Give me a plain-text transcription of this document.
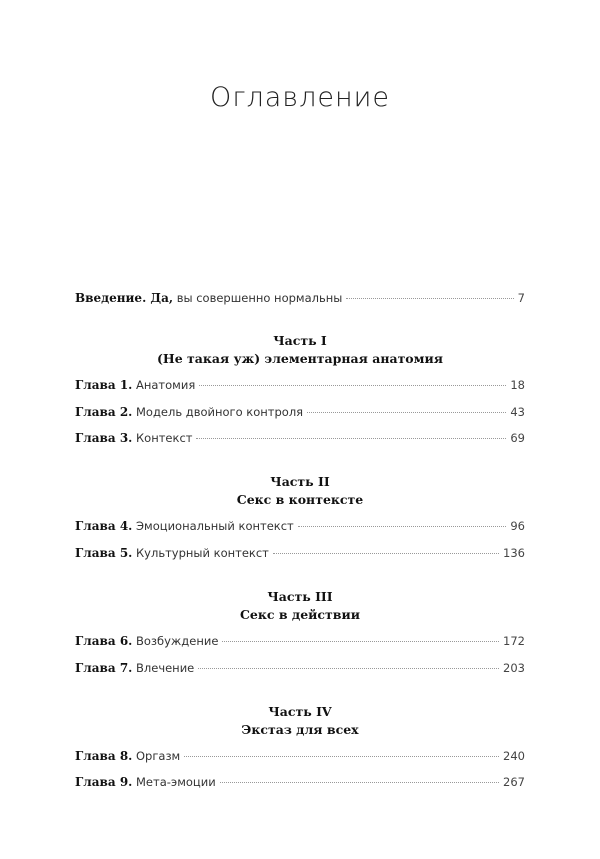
Оглавление
Введение. Да, вы совершенно нормальны	7
Часть I
(Не такая уж) элементарная анатомия
Глава 1. Анатомия	18
Глава 2. Модель двойного контроля	43
Глава 3. Контекст	69
Часть II
Секс в контексте
Глава 4. Эмоциональный контекст	96
Глава 5. Культурный контекст	136
Часть III
Секс в действии
Глава 6. Возбуждение	172
Глава 7. Влечение	203
Часть IV
Экстаз для всех
Глава 8. Оргазм	240
Глава 9. Мета-эмоции	267
